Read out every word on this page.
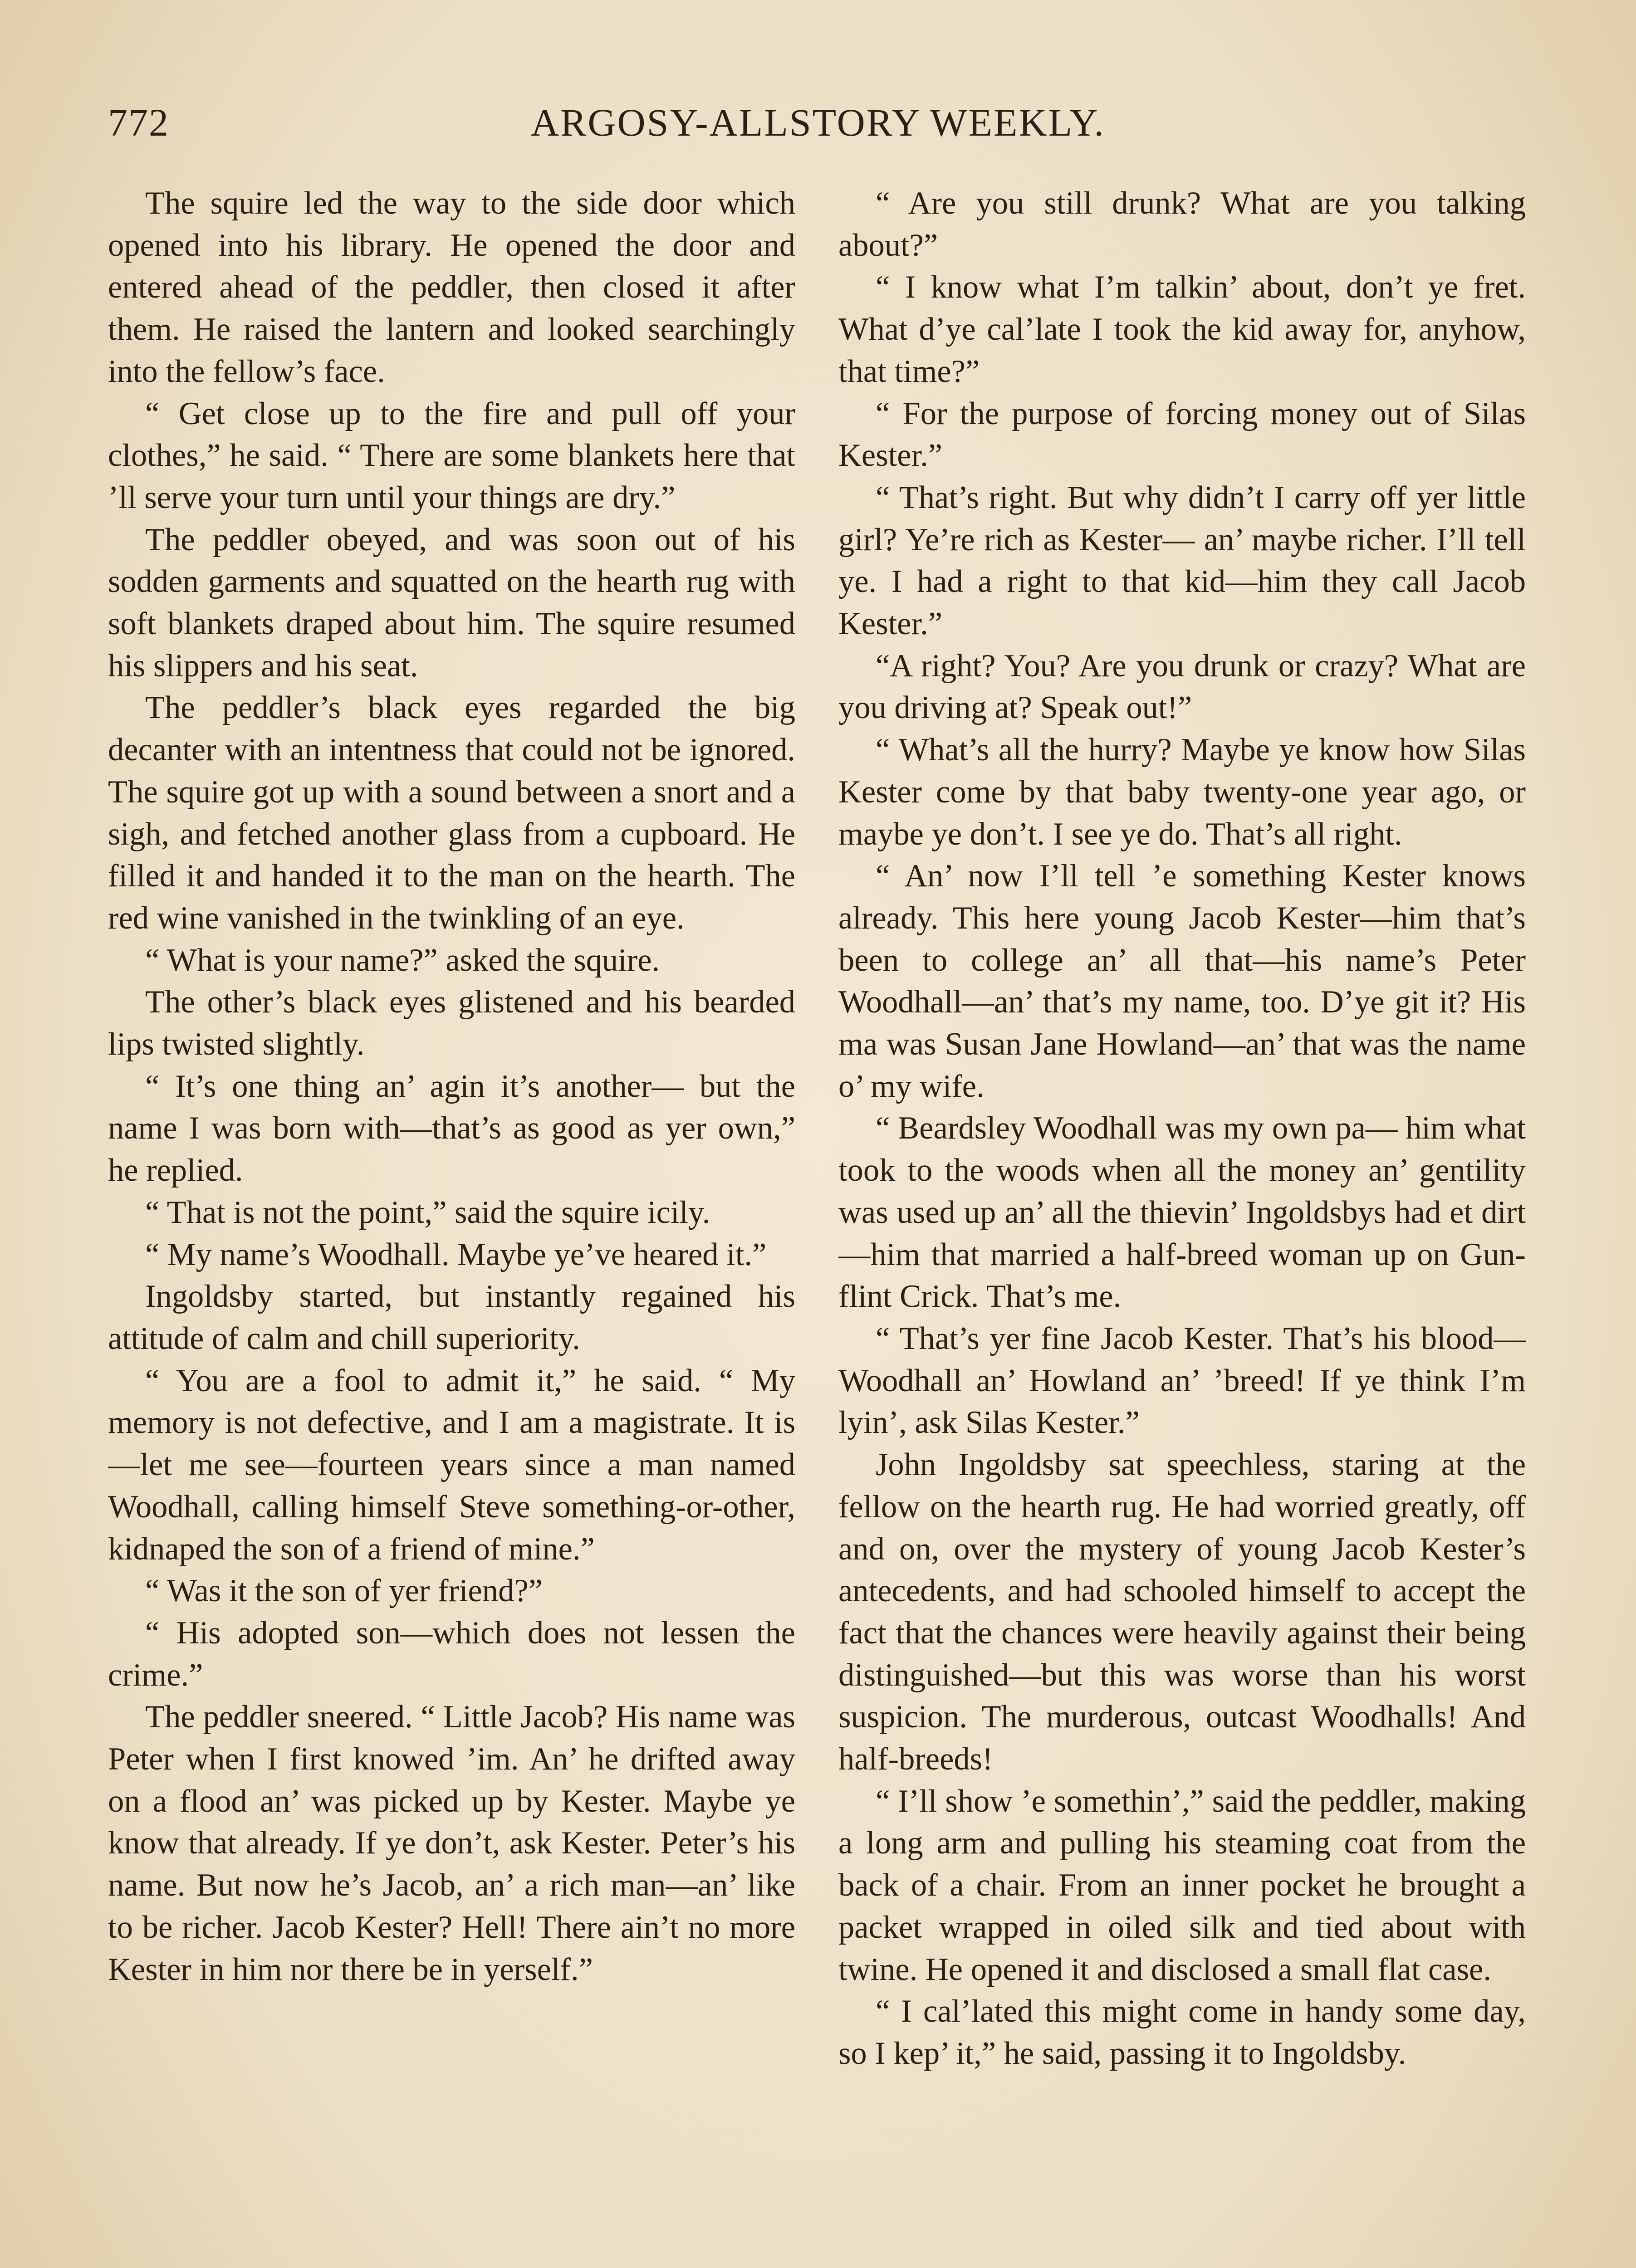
772	ARGOSY-ALLSTORY WEEKLY.

The squire led the way to the side door which opened into his library. He opened the door and entered ahead of the peddler, then closed it after them. He raised the lantern and looked searchingly into the fellow’s face.

“ Get close up to the fire and pull off your clothes,” he said. “ There are some blankets here that ’ll serve your turn until your things are dry.”

The peddler obeyed, and was soon out of his sodden garments and squatted on the hearth rug with soft blankets draped about him. The squire resumed his slippers and his seat.

The peddler’s black eyes regarded the big decanter with an intentness that could not be ignored. The squire got up with a sound between a snort and a sigh, and fetched another glass from a cupboard. He filled it and handed it to the man on the hearth. The red wine vanished in the twinkling of an eye.

“ What is your name?” asked the squire.

The other’s black eyes glistened and his bearded lips twisted slightly.

“ It’s one thing an’ agin it’s another— but the name I was born with—that’s as good as yer own,” he replied.

“ That is not the point,” said the squire icily.

“ My name’s Woodhall. Maybe ye’ve heared it.”

Ingoldsby started, but instantly regained his attitude of calm and chill superiority.

“ You are a fool to admit it,” he said. “ My memory is not defective, and I am a magistrate. It is—let me see—fourteen years since a man named Woodhall, calling himself Steve something-or-other, kidnaped the son of a friend of mine.”

“ Was it the son of yer friend?”

“ His adopted son—which does not lessen the crime.”

The peddler sneered. “ Little Jacob? His name was Peter when I first knowed ’im. An’ he drifted away on a flood an’ was picked up by Kester. Maybe ye know that already. If ye don’t, ask Kester. Peter’s his name. But now he’s Jacob, an’ a rich man—an’ like to be richer. Jacob Kester? Hell! There ain’t no more Kester in him nor there be in yerself.”

“ Are you still drunk? What are you talking about?”

“ I know what I’m talkin’ about, don’t ye fret. What d’ye cal’late I took the kid away for, anyhow, that time?”

“ For the purpose of forcing money out of Silas Kester.”

“ That’s right. But why didn’t I carry off yer little girl? Ye’re rich as Kester— an’ maybe richer. I’ll tell ye. I had a right to that kid—him they call Jacob Kester.”

“A right? You? Are you drunk or crazy? What are you driving at? Speak out!”

“ What’s all the hurry? Maybe ye know how Silas Kester come by that baby twenty-one year ago, or maybe ye don’t. I see ye do. That’s all right.

“ An’ now I’ll tell ’e something Kester knows already. This here young Jacob Kester—him that’s been to college an’ all that—his name’s Peter Woodhall—an’ that’s my name, too. D’ye git it? His ma was Susan Jane Howland—an’ that was the name o’ my wife.

“ Beardsley Woodhall was my own pa— him what took to the woods when all the money an’ gentility was used up an’ all the thievin’ Ingoldsbys had et dirt—him that married a half-breed woman up on Gunflint Crick. That’s me.

“ That’s yer fine Jacob Kester. That’s his blood—Woodhall an’ Howland an’ ’breed! If ye think I’m lyin’, ask Silas Kester.”

John Ingoldsby sat speechless, staring at the fellow on the hearth rug. He had worried greatly, off and on, over the mystery of young Jacob Kester’s antecedents, and had schooled himself to accept the fact that the chances were heavily against their being distinguished—but this was worse than his worst suspicion. The murderous, outcast Woodhalls! And half-breeds!

“ I’ll show ’e somethin’,” said the peddler, making a long arm and pulling his steaming coat from the back of a chair. From an inner pocket he brought a packet wrapped in oiled silk and tied about with twine. He opened it and disclosed a small flat case.

“ I cal’lated this might come in handy some day, so I kep’ it,” he said, passing it to Ingoldsby.
